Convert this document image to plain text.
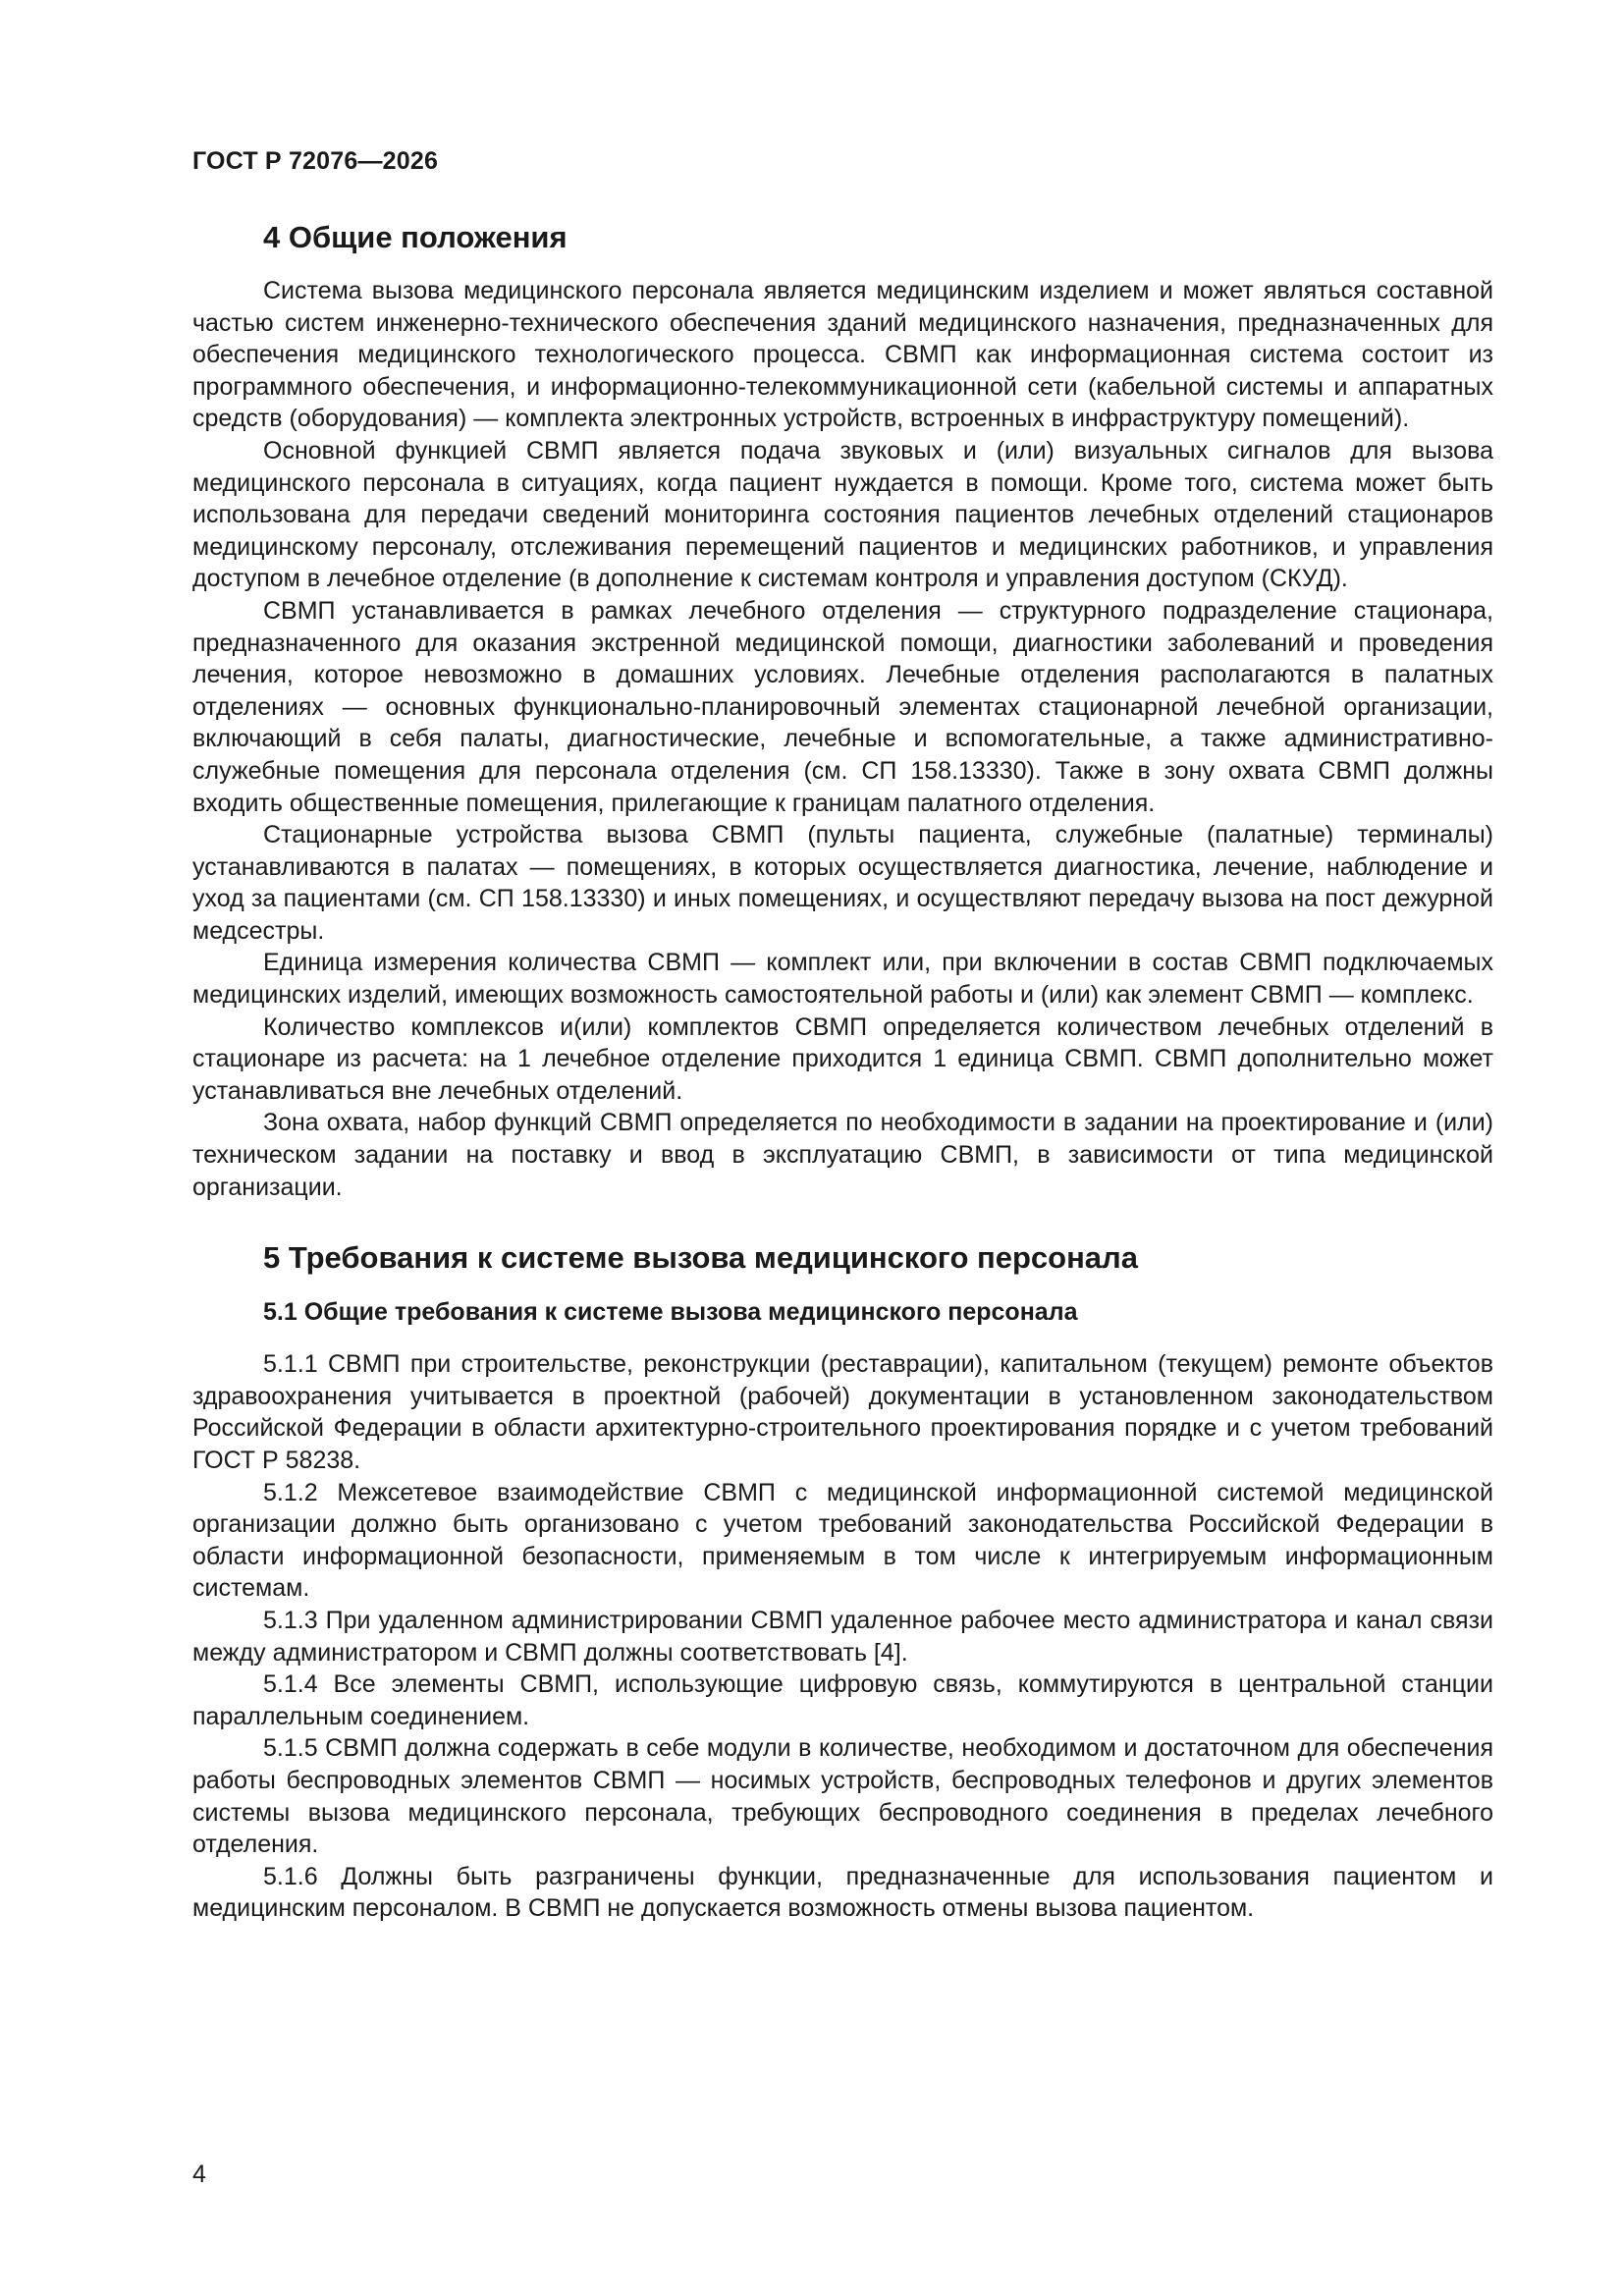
ГОСТ Р 72076—2026
4 Общие положения

Система вызова медицинского персонала является медицинским изделием и может являться составной частью систем инженерно-технического обеспечения зданий медицинского назначения, предназначенных для обеспечения медицинского технологического процесса. СВМП как информационная система состоит из программного обеспечения, и информационно-телекоммуникационной сети (кабельной системы и аппаратных средств (оборудования) — комплекта электронных устройств, встроенных в инфраструктуру помещений).

Основной функцией СВМП является подача звуковых и (или) визуальных сигналов для вызова медицинского персонала в ситуациях, когда пациент нуждается в помощи. Кроме того, система может быть использована для передачи сведений мониторинга состояния пациентов лечебных отделений стационаров медицинскому персоналу, отслеживания перемещений пациентов и медицинских работников, и управления доступом в лечебное отделение (в дополнение к системам контроля и управления доступом (СКУД).

СВМП устанавливается в рамках лечебного отделения — структурного подразделение стационара, предназначенного для оказания экстренной медицинской помощи, диагностики заболеваний и проведения лечения, которое невозможно в домашних условиях. Лечебные отделения располагаются в палатных отделениях — основных функционально-планировочный элементах стационарной лечебной организации, включающий в себя палаты, диагностические, лечебные и вспомогательные, а также административно-служебные помещения для персонала отделения (см. СП 158.13330). Также в зону охвата СВМП должны входить общественные помещения, прилегающие к границам палатного отделения.

Стационарные устройства вызова СВМП (пульты пациента, служебные (палатные) терминалы) устанавливаются в палатах — помещениях, в которых осуществляется диагностика, лечение, наблюдение и уход за пациентами (см. СП 158.13330) и иных помещениях, и осуществляют передачу вызова на пост дежурной медсестры.

Единица измерения количества СВМП — комплект или, при включении в состав СВМП подключаемых медицинских изделий, имеющих возможность самостоятельной работы и (или) как элемент СВМП — комплекс.

Количество комплексов и(или) комплектов СВМП определяется количеством лечебных отделений в стационаре из расчета: на 1 лечебное отделение приходится 1 единица СВМП. СВМП дополнительно может устанавливаться вне лечебных отделений.

Зона охвата, набор функций СВМП определяется по необходимости в задании на проектирование и (или) техническом задании на поставку и ввод в эксплуатацию СВМП, в зависимости от типа медицинской организации.

5 Требования к системе вызова медицинского персонала
5.1 Общие требования к системе вызова медицинского персонала

5.1.1 СВМП при строительстве, реконструкции (реставрации), капитальном (текущем) ремонте объектов здравоохранения учитывается в проектной (рабочей) документации в установленном законодательством Российской Федерации в области архитектурно-строительного проектирования порядке и с учетом требований ГОСТ Р 58238.

5.1.2 Межсетевое взаимодействие СВМП с медицинской информационной системой медицинской организации должно быть организовано с учетом требований законодательства Российской Федерации в области информационной безопасности, применяемым в том числе к интегрируемым информационным системам.

5.1.3 При удаленном администрировании СВМП удаленное рабочее место администратора и канал связи между администратором и СВМП должны соответствовать [4].

5.1.4 Все элементы СВМП, использующие цифровую связь, коммутируются в центральной станции параллельным соединением.

5.1.5 СВМП должна содержать в себе модули в количестве, необходимом и достаточном для обеспечения работы беспроводных элементов СВМП — носимых устройств, беспроводных телефонов и других элементов системы вызова медицинского персонала, требующих беспроводного соединения в пределах лечебного отделения.

5.1.6 Должны быть разграничены функции, предназначенные для использования пациентом и медицинским персоналом. В СВМП не допускается возможность отмены вызова пациентом.

4
